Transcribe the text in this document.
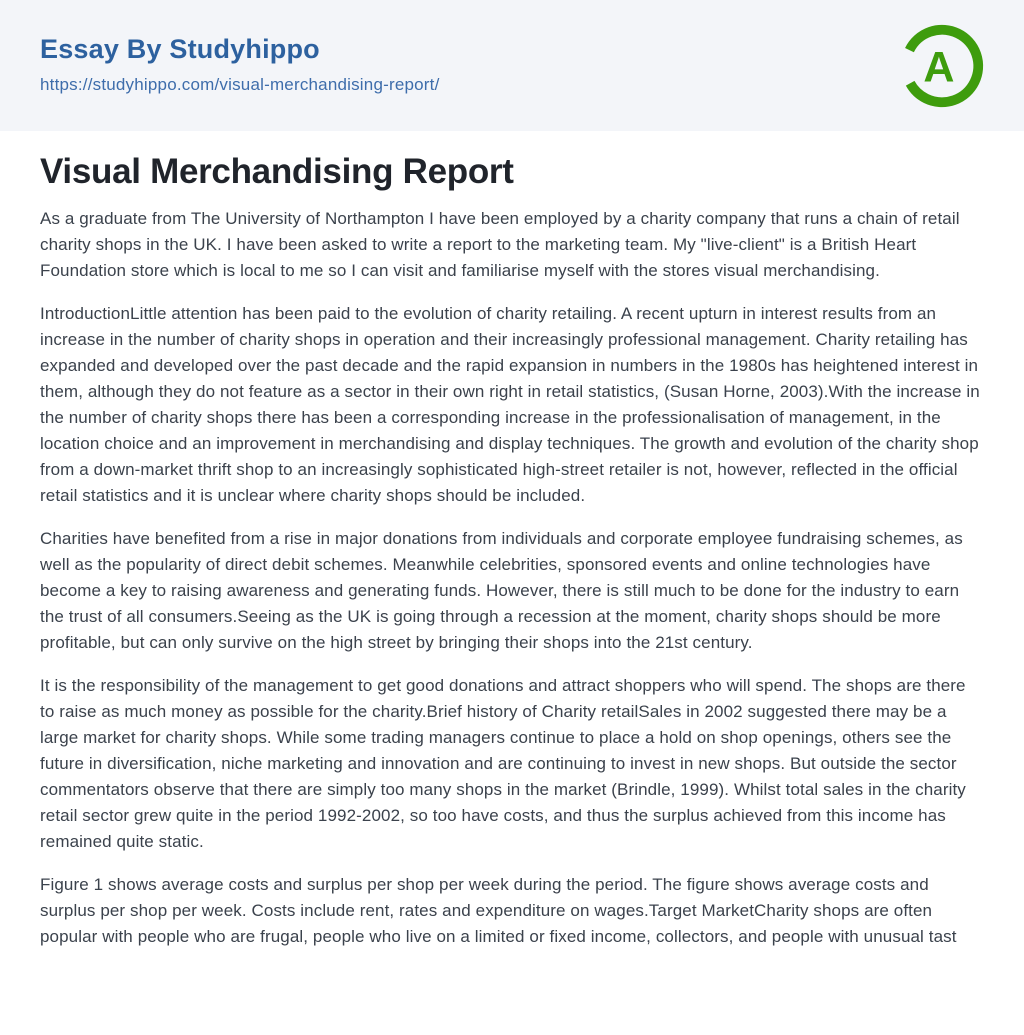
Essay By Studyhippo
https://studyhippo.com/visual-merchandising-report/	A
Visual Merchandising Report

As a graduate from The University of Northampton I have been employed by a charity company that runs a chain of retail charity shops in the UK. I have been asked to write a report to the marketing team. My "live-client" is a British Heart Foundation store which is local to me so I can visit and familiarise myself with the stores visual merchandising.

IntroductionLittle attention has been paid to the evolution of charity retailing. A recent upturn in interest results from an increase in the number of charity shops in operation and their increasingly professional management. Charity retailing has expanded and developed over the past decade and the rapid expansion in numbers in the 1980s has heightened interest in them, although they do not feature as a sector in their own right in retail statistics, (Susan Horne, 2003).With the increase in the number of charity shops there has been a corresponding increase in the professionalisation of management, in the location choice and an improvement in merchandising and display techniques. The growth and evolution of the charity shop from a down-market thrift shop to an increasingly sophisticated high-street retailer is not, however, reflected in the official retail statistics and it is unclear where charity shops should be included.

Charities have benefited from a rise in major donations from individuals and corporate employee fundraising schemes, as well as the popularity of direct debit schemes. Meanwhile celebrities, sponsored events and online technologies have become a key to raising awareness and generating funds. However, there is still much to be done for the industry to earn the trust of all consumers.Seeing as the UK is going through a recession at the moment, charity shops should be more profitable, but can only survive on the high street by bringing their shops into the 21st century.

It is the responsibility of the management to get good donations and attract shoppers who will spend. The shops are there to raise as much money as possible for the charity.Brief history of Charity retailSales in 2002 suggested there may be a large market for charity shops. While some trading managers continue to place a hold on shop openings, others see the future in diversification, niche marketing and innovation and are continuing to invest in new shops. But outside the sector commentators observe that there are simply too many shops in the market (Brindle, 1999). Whilst total sales in the charity retail sector grew quite in the period 1992-2002, so too have costs, and thus the surplus achieved from this income has remained quite static.

Figure 1 shows average costs and surplus per shop per week during the period. The figure shows average costs and surplus per shop per week. Costs include rent, rates and expenditure on wages.Target MarketCharity shops are often popular with people who are frugal, people who live on a limited or fixed income, collectors, and people with unusual tast
